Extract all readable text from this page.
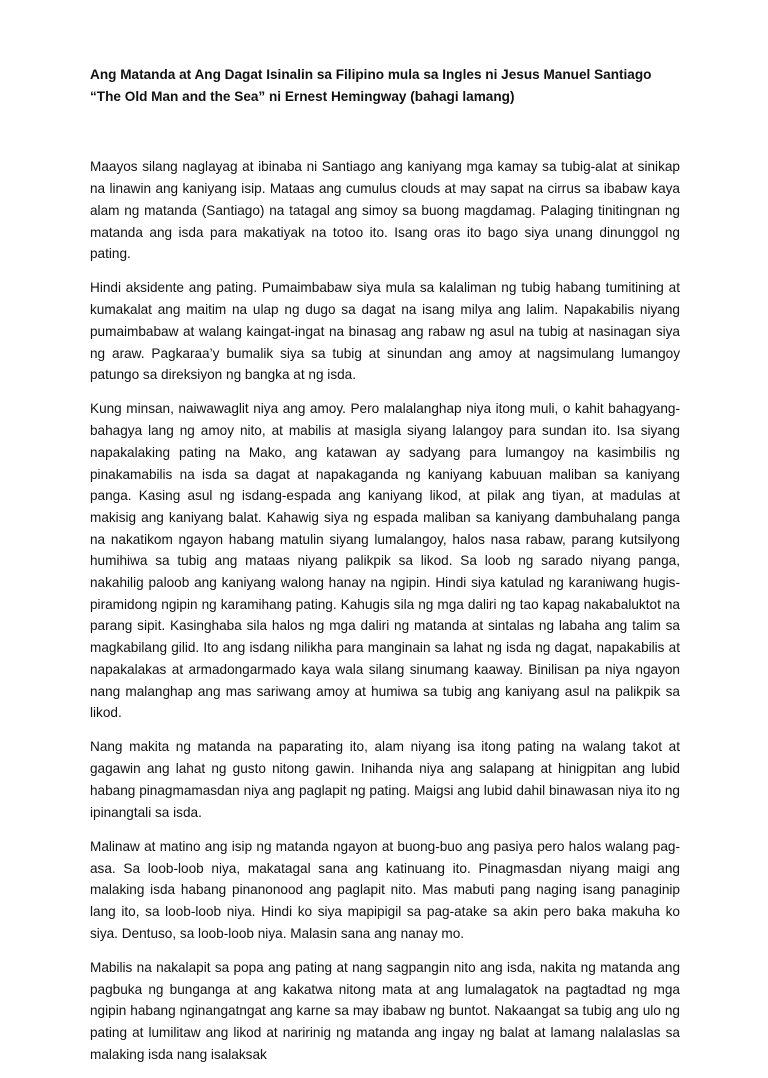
Ang Matanda at Ang Dagat Isinalin sa Filipino mula sa Ingles ni Jesus Manuel Santiago “The Old Man and the Sea” ni Ernest Hemingway (bahagi lamang)

Maayos silang naglayag at ibinaba ni Santiago ang kaniyang mga kamay sa tubig-alat at sinikap na linawin ang kaniyang isip. Mataas ang cumulus clouds at may sapat na cirrus sa ibabaw kaya alam ng matanda (Santiago) na tatagal ang simoy sa buong magdamag. Palaging tinitingnan ng matanda ang isda para makatiyak na totoo ito. Isang oras ito bago siya unang dinunggol ng pating.

Hindi aksidente ang pating. Pumaimbabaw siya mula sa kalaliman ng tubig habang tumitining at kumakalat ang maitim na ulap ng dugo sa dagat na isang milya ang lalim. Napakabilis niyang pumaimbabaw at walang kaingat-ingat na binasag ang rabaw ng asul na tubig at nasinagan siya ng araw. Pagkaraa’y bumalik siya sa tubig at sinundan ang amoy at nagsimulang lumangoy patungo sa direksiyon ng bangka at ng isda.

Kung minsan, naiwawaglit niya ang amoy. Pero malalanghap niya itong muli, o kahit bahagyang-bahagya lang ng amoy nito, at mabilis at masigla siyang lalangoy para sundan ito. Isa siyang napakalaking pating na Mako, ang katawan ay sadyang para lumangoy na kasimbilis ng pinakamabilis na isda sa dagat at napakaganda ng kaniyang kabuuan maliban sa kaniyang panga. Kasing asul ng isdang-espada ang kaniyang likod, at pilak ang tiyan, at madulas at makisig ang kaniyang balat. Kahawig siya ng espada maliban sa kaniyang dambuhalang panga na nakatikom ngayon habang matulin siyang lumalangoy, halos nasa rabaw, parang kutsilyong humihiwa sa tubig ang mataas niyang palikpik sa likod. Sa loob ng sarado niyang panga, nakahilig paloob ang kaniyang walong hanay na ngipin. Hindi siya katulad ng karaniwang hugis-piramidong ngipin ng karamihang pating. Kahugis sila ng mga daliri ng tao kapag nakabaluktot na parang sipit. Kasinghaba sila halos ng mga daliri ng matanda at sintalas ng labaha ang talim sa magkabilang gilid. Ito ang isdang nilikha para manginain sa lahat ng isda ng dagat, napakabilis at napakalakas at armadongarmado kaya wala silang sinumang kaaway. Binilisan pa niya ngayon nang malanghap ang mas sariwang amoy at humiwa sa tubig ang kaniyang asul na palikpik sa likod.

Nang makita ng matanda na paparating ito, alam niyang isa itong pating na walang takot at gagawin ang lahat ng gusto nitong gawin. Inihanda niya ang salapang at hinigpitan ang lubid habang pinagmamasdan niya ang paglapit ng pating. Maigsi ang lubid dahil binawasan niya ito ng ipinangtali sa isda.

Malinaw at matino ang isip ng matanda ngayon at buong-buo ang pasiya pero halos walang pag-asa. Sa loob-loob niya, makatagal sana ang katinuang ito. Pinagmasdan niyang maigi ang malaking isda habang pinanonood ang paglapit nito. Mas mabuti pang naging isang panaginip lang ito, sa loob-loob niya. Hindi ko siya mapipigil sa pag-atake sa akin pero baka makuha ko siya. Dentuso, sa loob-loob niya. Malasin sana ang nanay mo.

Mabilis na nakalapit sa popa ang pating at nang sagpangin nito ang isda, nakita ng matanda ang pagbuka ng bunganga at ang kakatwa nitong mata at ang lumalagatok na pagtadtad ng mga ngipin habang nginangatngat ang karne sa may ibabaw ng buntot. Nakaangat sa tubig ang ulo ng pating at lumilitaw ang likod at naririnig ng matanda ang ingay ng balat at lamang nalalaslas sa malaking isda nang isalaksak
